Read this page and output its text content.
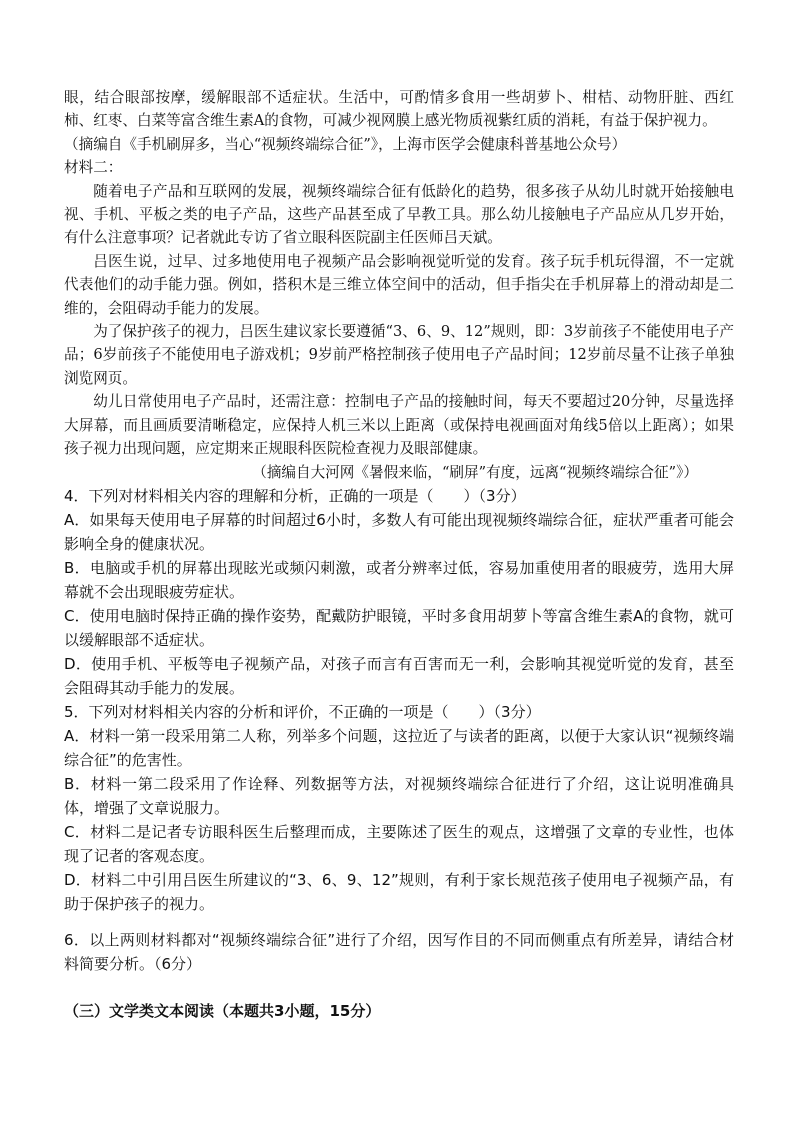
眼，结合眼部按摩，缓解眼部不适症状。生活中，可酌情多食用一些胡萝卜、柑桔、动物肝脏、西红柿、红枣、白菜等富含维生素A的食物，可减少视网膜上感光物质视紫红质的消耗，有益于保护视力。

（摘编自《手机刷屏多，当心“视频终端综合征”》，上海市医学会健康科普基地公众号）

材料二：

随着电子产品和互联网的发展，视频终端综合征有低龄化的趋势，很多孩子从幼儿时就开始接触电视、手机、平板之类的电子产品，这些产品甚至成了早教工具。那么幼儿接触电子产品应从几岁开始，有什么注意事项？记者就此专访了省立眼科医院副主任医师吕天斌。

吕医生说，过早、过多地使用电子视频产品会影响视觉听觉的发育。孩子玩手机玩得溜，不一定就代表他们的动手能力强。例如，搭积木是三维立体空间中的活动，但手指尖在手机屏幕上的滑动却是二维的，会阻碍动手能力的发展。

为了保护孩子的视力，吕医生建议家长要遵循“3、6、9、12”规则，即：3岁前孩子不能使用电子产品；6岁前孩子不能使用电子游戏机；9岁前严格控制孩子使用电子产品时间；12岁前尽量不让孩子单独浏览网页。

幼儿日常使用电子产品时，还需注意：控制电子产品的接触时间，每天不要超过20分钟，尽量选择大屏幕，而且画质要清晰稳定，应保持人机三米以上距离（或保持电视画面对角线5倍以上距离）；如果孩子视力出现问题，应定期来正规眼科医院检查视力及眼部健康。

（摘编自大河网《暑假来临，“刷屏”有度，远离“视频终端综合征”》）

4．下列对材料相关内容的理解和分析，正确的一项是（　　）（3分）

A．如果每天使用电子屏幕的时间超过6小时，多数人有可能出现视频终端综合征，症状严重者可能会影响全身的健康状况。

B．电脑或手机的屏幕出现眩光或频闪刺激，或者分辨率过低，容易加重使用者的眼疲劳，选用大屏幕就不会出现眼疲劳症状。

C．使用电脑时保持正确的操作姿势，配戴防护眼镜，平时多食用胡萝卜等富含维生素A的食物，就可以缓解眼部不适症状。

D．使用手机、平板等电子视频产品，对孩子而言有百害而无一利，会影响其视觉听觉的发育，甚至会阻碍其动手能力的发展。

5．下列对材料相关内容的分析和评价，不正确的一项是（　　）（3分）

A．材料一第一段采用第二人称，列举多个问题，这拉近了与读者的距离，以便于大家认识“视频终端综合征”的危害性。

B．材料一第二段采用了作诠释、列数据等方法，对视频终端综合征进行了介绍，这让说明准确具体，增强了文章说服力。

C．材料二是记者专访眼科医生后整理而成，主要陈述了医生的观点，这增强了文章的专业性，也体现了记者的客观态度。

D．材料二中引用吕医生所建议的“3、6、9、12”规则，有利于家长规范孩子使用电子视频产品，有助于保护孩子的视力。

6．以上两则材料都对“视频终端综合征”进行了介绍，因写作目的不同而侧重点有所差异，请结合材料简要分析。（6分）

（三）文学类文本阅读（本题共3小题，15分）
